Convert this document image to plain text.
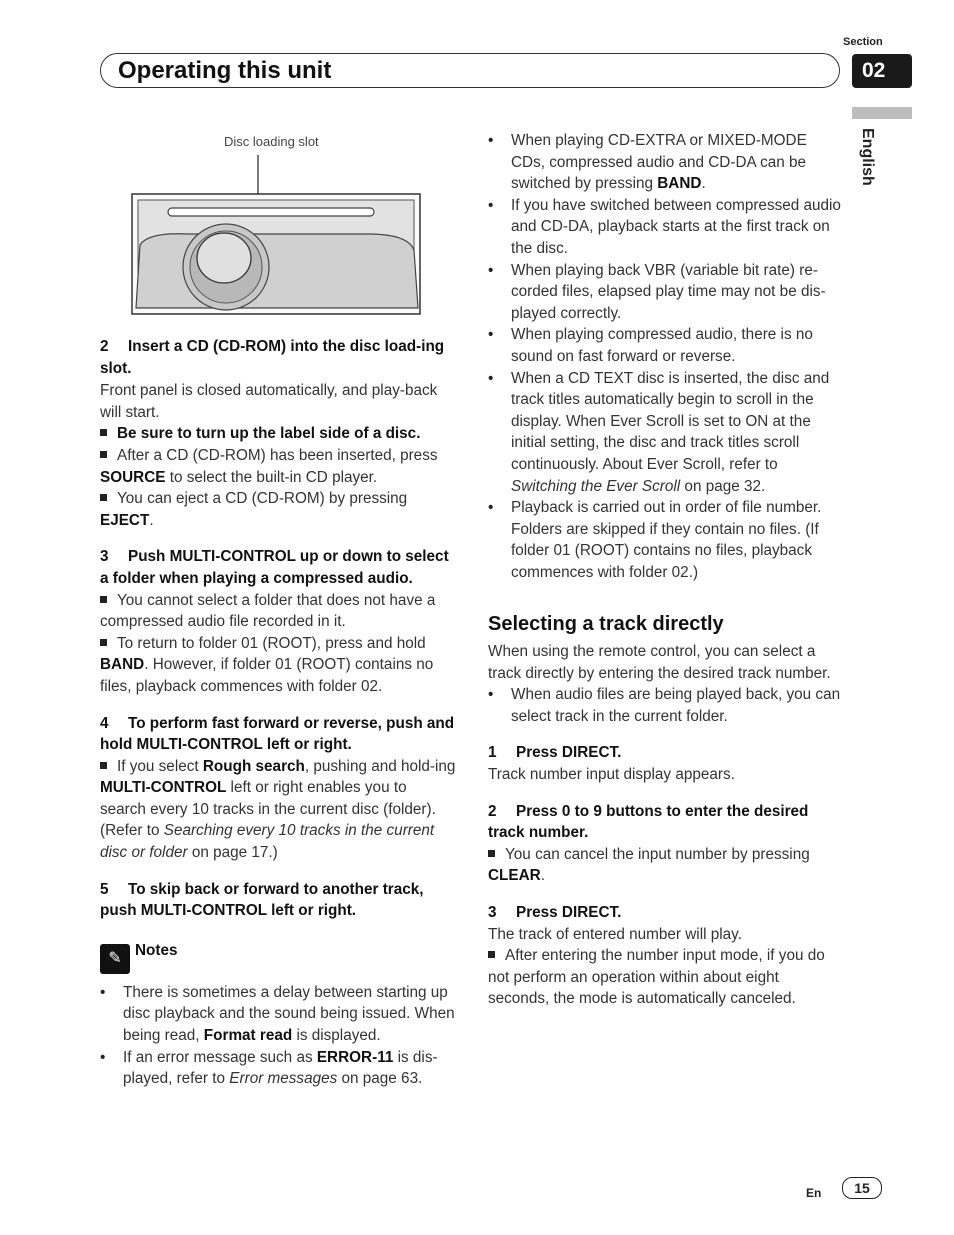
Section
02
Operating this unit
English
Disc loading slot

2 Insert a CD (CD-ROM) into the disc load-ing slot.

Front panel is closed automatically, and play-back will start.

Be sure to turn up the label side of a disc.

After a CD (CD-ROM) has been inserted, press SOURCE to select the built-in CD player.

You can eject a CD (CD-ROM) by pressing EJECT.

3 Push MULTI-CONTROL up or down to select a folder when playing a compressed audio.

You cannot select a folder that does not have a compressed audio file recorded in it.

To return to folder 01 (ROOT), press and hold BAND. However, if folder 01 (ROOT) contains no files, playback commences with folder 02.

4 To perform fast forward or reverse, push and hold MULTI-CONTROL left or right.

If you select Rough search, pushing and hold-ing MULTI-CONTROL left or right enables you to search every 10 tracks in the current disc (folder). (Refer to Searching every 10 tracks in the current disc or folder on page 17.)

5 To skip back or forward to another track, push MULTI-CONTROL left or right.

✎ Notes

• There is sometimes a delay between starting up disc playback and the sound being issued. When being read, Format read is displayed.

• If an error message such as ERROR-11 is dis-played, refer to Error messages on page 63.

• When playing CD-EXTRA or MIXED-MODE CDs, compressed audio and CD-DA can be switched by pressing BAND.

• If you have switched between compressed audio and CD-DA, playback starts at the first track on the disc.

• When playing back VBR (variable bit rate) re-corded files, elapsed play time may not be dis-played correctly.

• When playing compressed audio, there is no sound on fast forward or reverse.

• When a CD TEXT disc is inserted, the disc and track titles automatically begin to scroll in the display. When Ever Scroll is set to ON at the initial setting, the disc and track titles scroll continuously. About Ever Scroll, refer to Switching the Ever Scroll on page 32.

• Playback is carried out in order of file number. Folders are skipped if they contain no files. (If folder 01 (ROOT) contains no files, playback commences with folder 02.)

Selecting a track directly

When using the remote control, you can select a track directly by entering the desired track number.

• When audio files are being played back, you can select track in the current folder.

1 Press DIRECT.

Track number input display appears.

2 Press 0 to 9 buttons to enter the desired track number.

You can cancel the input number by pressing CLEAR.

3 Press DIRECT.

The track of entered number will play.

After entering the number input mode, if you do not perform an operation within about eight seconds, the mode is automatically canceled.

En	15
